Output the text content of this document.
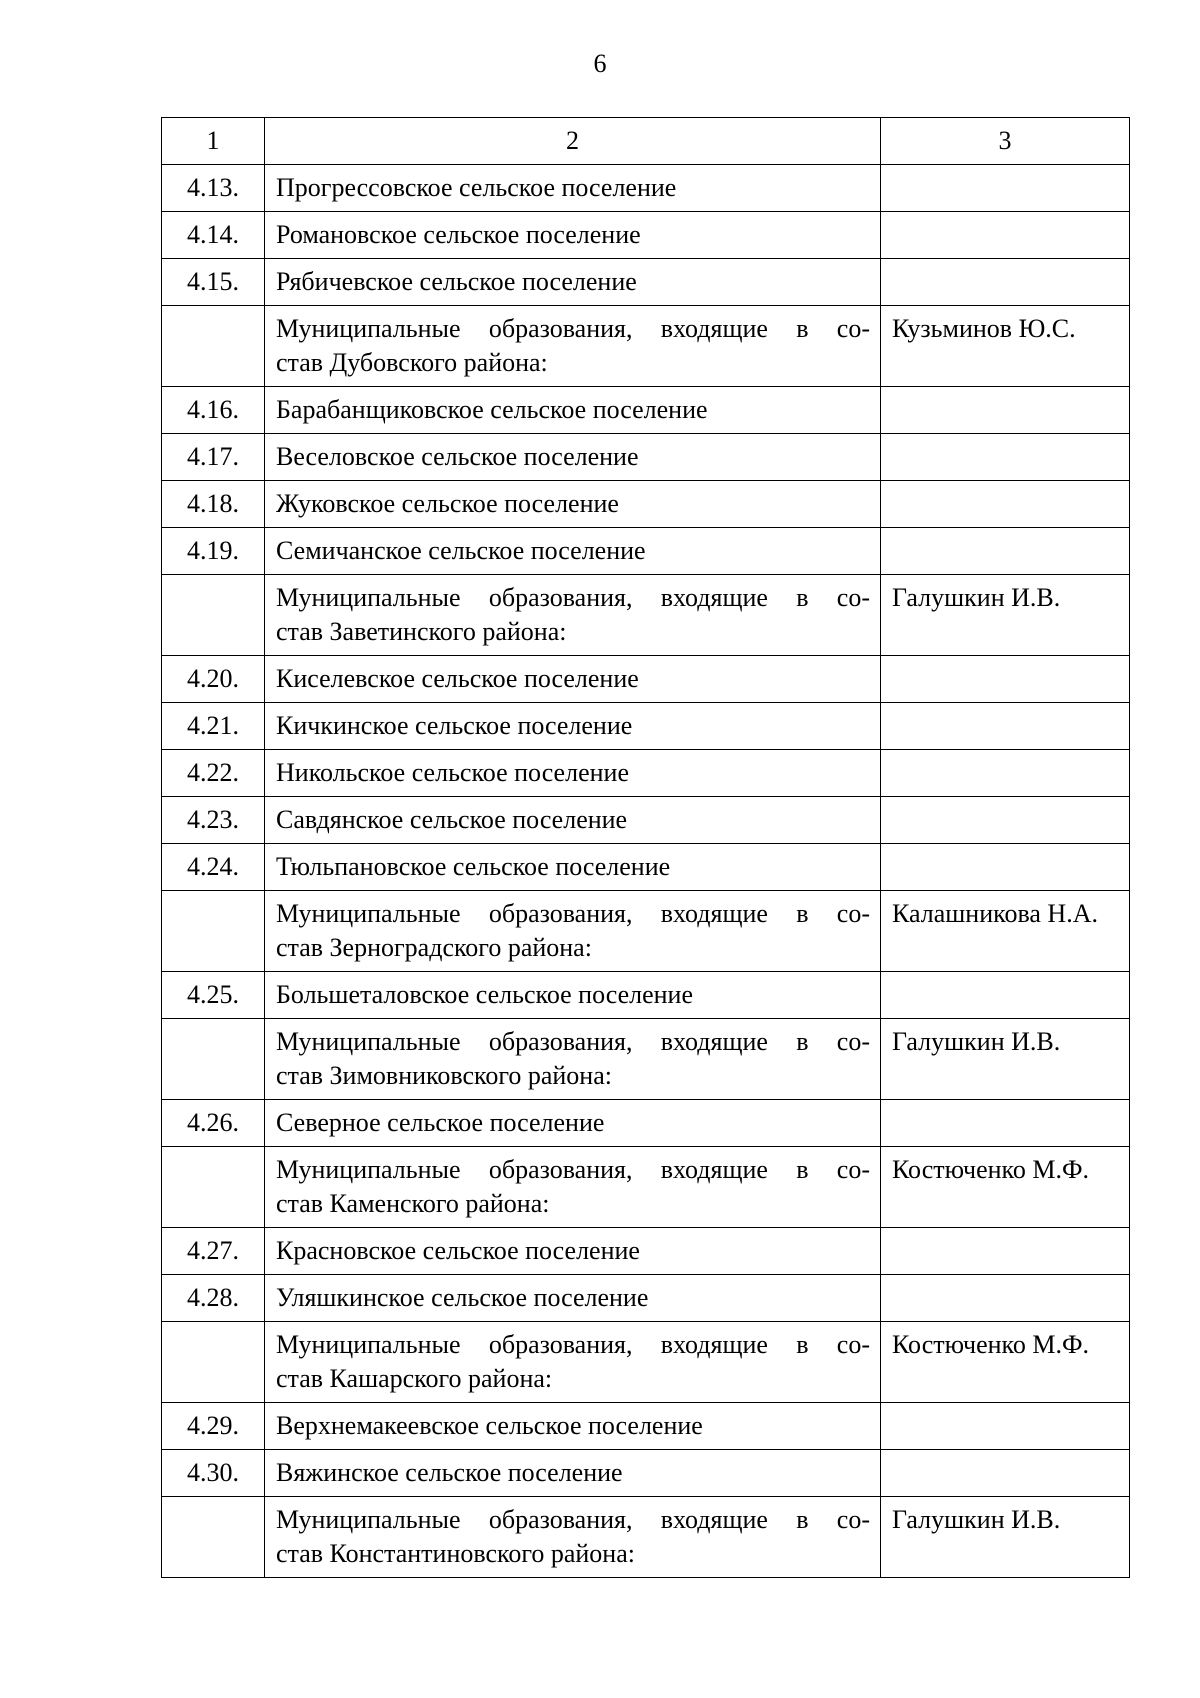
6
1	2	3

4.13.	Прогрессовское сельское поселение	

4.14.	Романовское сельское поселение	

4.15.	Рябичевское сельское поселение	

	Муниципальные образования, входящие в со-
став Дубовского района:	Кузьминов Ю.С.

4.16.	Барабанщиковское сельское поселение	

4.17.	Веселовское сельское поселение	

4.18.	Жуковское сельское поселение	

4.19.	Семичанское сельское поселение	

	Муниципальные образования, входящие в со-
став Заветинского района:	Галушкин И.В.

4.20.	Киселевское сельское поселение	

4.21.	Кичкинское сельское поселение	

4.22.	Никольское сельское поселение	

4.23.	Савдянское сельское поселение	

4.24.	Тюльпановское сельское поселение	

	Муниципальные образования, входящие в со-
став Зерноградского района:	Калашникова Н.А.

4.25.	Большеталовское сельское поселение	

	Муниципальные образования, входящие в со-
став Зимовниковского района:	Галушкин И.В.

4.26.	Северное сельское поселение	

	Муниципальные образования, входящие в со-
став Каменского района:	Костюченко М.Ф.

4.27.	Красновское сельское поселение	

4.28.	Уляшкинское сельское поселение	

	Муниципальные образования, входящие в со-
став Кашарского района:	Костюченко М.Ф.

4.29.	Верхнемакеевское сельское поселение	

4.30.	Вяжинское сельское поселение	

	Муниципальные образования, входящие в со-
став Константиновского района:	Галушкин И.В.
